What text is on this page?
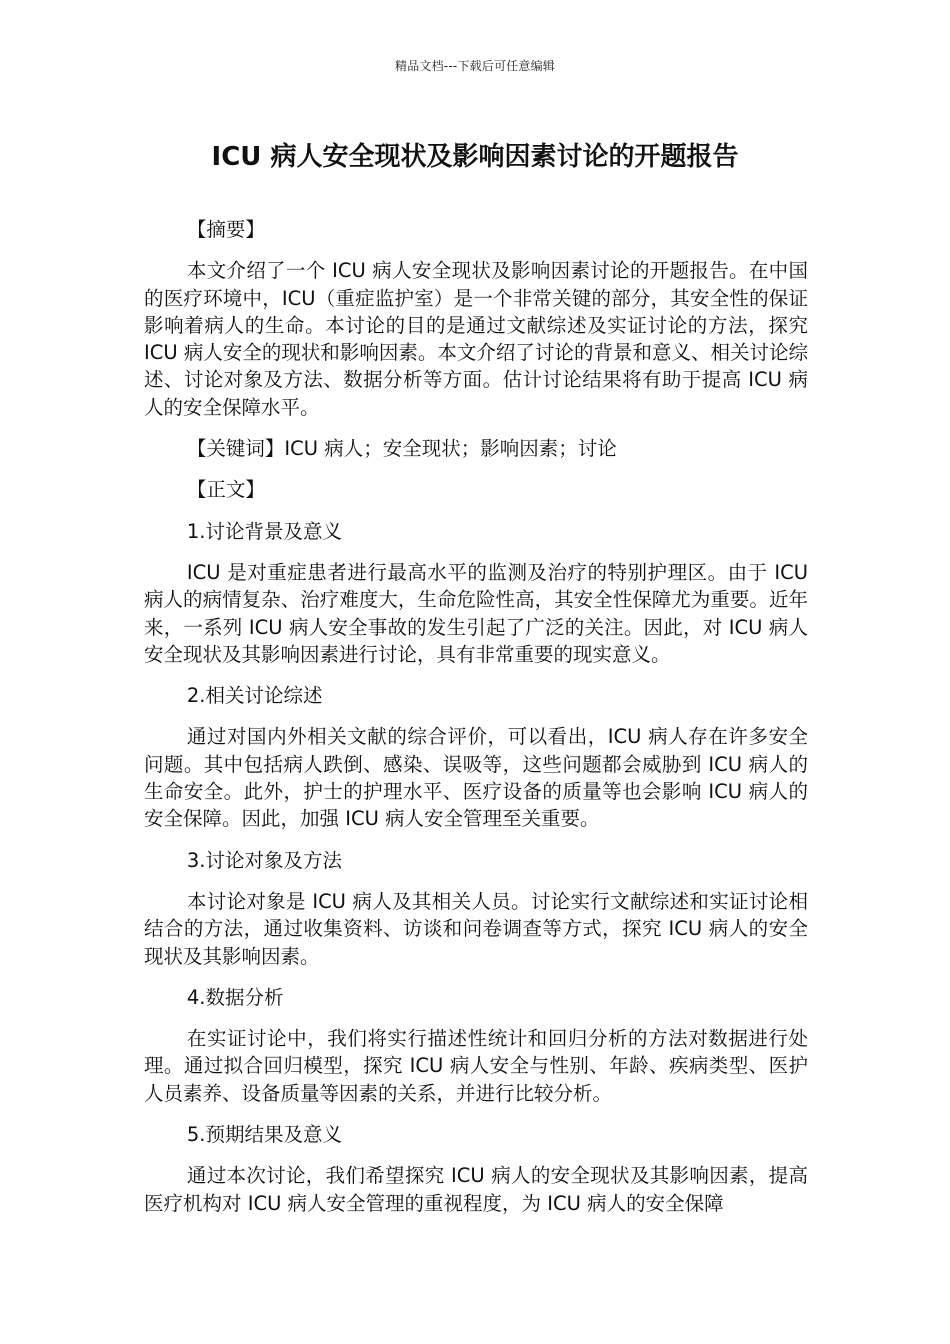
精品文档---下载后可任意编辑
ICU 病人安全现状及影响因素讨论的开题报告

【摘要】

本文介绍了一个 ICU 病人安全现状及影响因素讨论的开题报告。在中国的医疗环境中，ICU（重症监护室）是一个非常关键的部分，其安全性的保证影响着病人的生命。本讨论的目的是通过文献综述及实证讨论的方法，探究 ICU 病人安全的现状和影响因素。本文介绍了讨论的背景和意义、相关讨论综述、讨论对象及方法、数据分析等方面。估计讨论结果将有助于提高 ICU 病人的安全保障水平。

【关键词】ICU 病人；安全现状；影响因素；讨论

【正文】

1.讨论背景及意义

ICU 是对重症患者进行最高水平的监测及治疗的特别护理区。由于 ICU 病人的病情复杂、治疗难度大，生命危险性高，其安全性保障尤为重要。近年来，一系列 ICU 病人安全事故的发生引起了广泛的关注。因此，对 ICU 病人安全现状及其影响因素进行讨论，具有非常重要的现实意义。

2.相关讨论综述

通过对国内外相关文献的综合评价，可以看出，ICU 病人存在许多安全问题。其中包括病人跌倒、感染、误吸等，这些问题都会威胁到 ICU 病人的生命安全。此外，护士的护理水平、医疗设备的质量等也会影响 ICU 病人的安全保障。因此，加强 ICU 病人安全管理至关重要。

3.讨论对象及方法

本讨论对象是 ICU 病人及其相关人员。讨论实行文献综述和实证讨论相结合的方法，通过收集资料、访谈和问卷调查等方式，探究 ICU 病人的安全现状及其影响因素。

4.数据分析

在实证讨论中，我们将实行描述性统计和回归分析的方法对数据进行处理。通过拟合回归模型，探究 ICU 病人安全与性别、年龄、疾病类型、医护人员素养、设备质量等因素的关系，并进行比较分析。

5.预期结果及意义

通过本次讨论，我们希望探究 ICU 病人的安全现状及其影响因素，提高医疗机构对 ICU 病人安全管理的重视程度，为 ICU 病人的安全保障
